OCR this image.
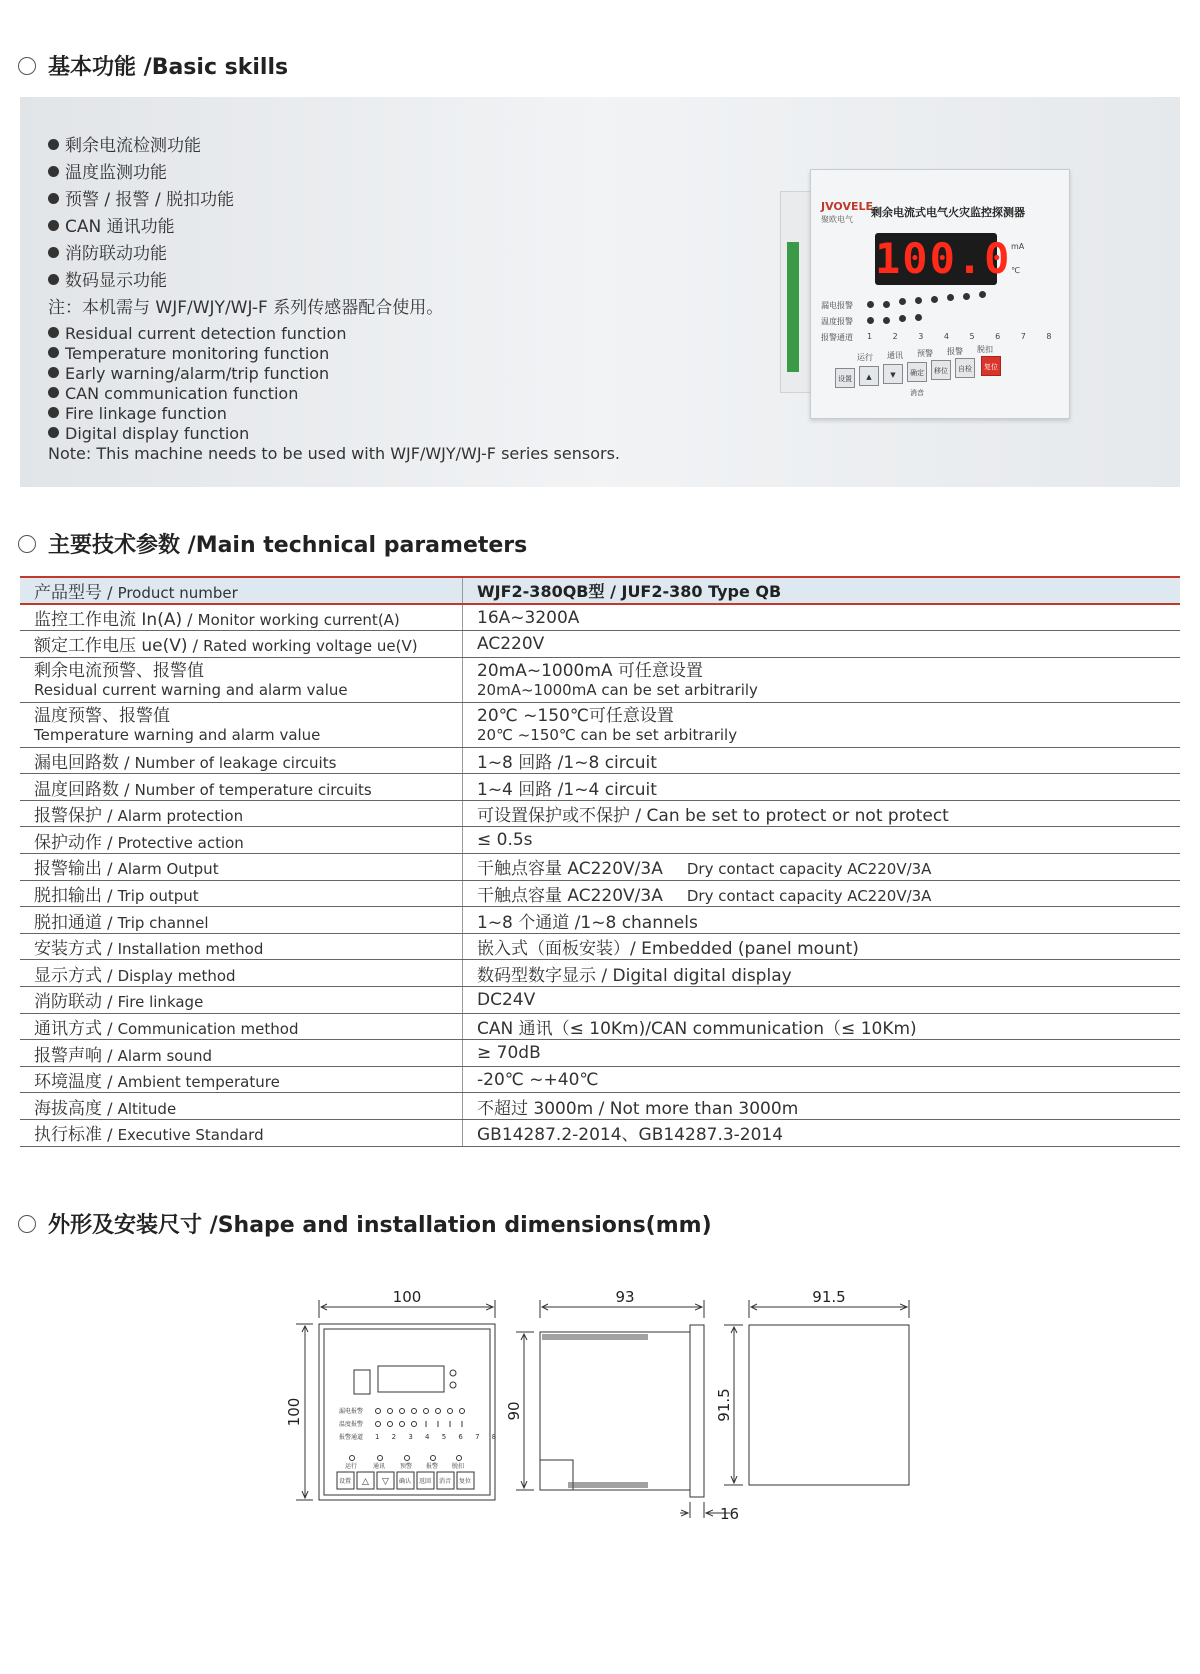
基本功能 /Basic skills
剩余电流检测功能
温度监测功能
预警 / 报警 / 脱扣功能
CAN 通讯功能
消防联动功能
数码显示功能
注：本机需与 WJF/WJY/WJ-F 系列传感器配合使用。
Residual current detection function
Temperature monitoring function
Early warning/alarm/trip function
CAN communication function
Fire linkage function
Digital display function
Note: This machine needs to be used with WJF/WJY/WJ-F series sensors.
JVOVELE
聚欧电气
剩余电流式电气火灾监控探测器
100.0 mA
℃
漏电报警
温度报警
报警通道 1 2 3 4 5 6 7 8
运行 通讯 预警 报警 脱扣
设置	▲	▼	确定消音
移位	自检	复位
主要技术参数 /Main technical parameters
产品型号 / Product number	WJF2-380QB型 / JUF2-380 Type QB
监控工作电流 In(A) / Monitor working current(A)	16A~3200A
额定工作电压 ue(V) / Rated working voltage ue(V)	AC220V

剩余电流预警、报警值
Residual current warning and alarm value	20mA~1000mA 可任意设置
20mA~1000mA can be set arbitrarily

温度预警、报警值
Temperature warning and alarm value	20℃ ~150℃可任意设置
20℃ ~150℃ can be set arbitrarily

漏电回路数 / Number of leakage circuits	1~8 回路 /1~8 circuit
温度回路数 / Number of temperature circuits	1~4 回路 /1~4 circuit
报警保护 / Alarm protection	可设置保护或不保护 / Can be set to protect or not protect
保护动作 / Protective action	≤ 0.5s
报警输出 / Alarm Output	干触点容量 AC220V/3A Dry contact capacity AC220V/3A
脱扣输出 / Trip output	干触点容量 AC220V/3A Dry contact capacity AC220V/3A
脱扣通道 / Trip channel	1~8 个通道 /1~8 channels
安装方式 / Installation method	嵌入式（面板安装）/ Embedded (panel mount)
显示方式 / Display method	数码型数字显示 / Digital digital display
消防联动 / Fire linkage	DC24V
通讯方式 / Communication method	CAN 通讯（≤ 10Km)/CAN communication（≤ 10Km)
报警声响 / Alarm sound	≥ 70dB
环境温度 / Ambient temperature	-20℃ ~+40℃
海拔高度 / Altitude	不超过 3000m / Not more than 3000m
执行标准 / Executive Standard	GB14287.2-2014、GB14287.3-2014
外形及安装尺寸 /Shape and installation dimensions(mm)
100	93	91.5
16
100	90	91.5
漏电报警
温度报警
报警通道 1 2 3 4 5 6 7 8
运行	通讯 预警 报警 脱扣
设置 △ ▽ 确认 返回 消音 复位
